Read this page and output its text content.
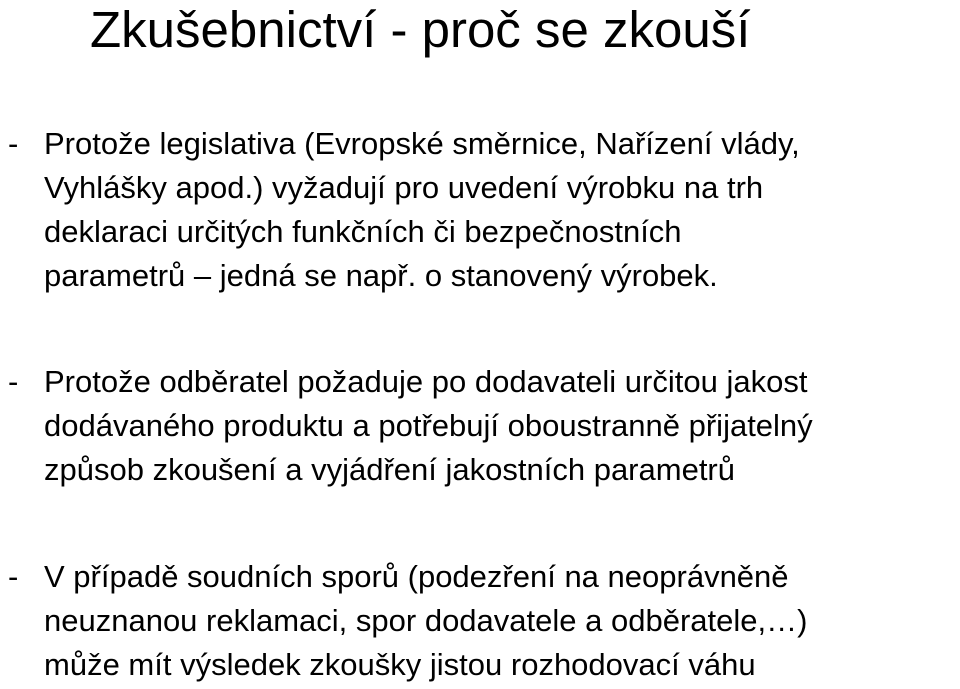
Zkušebnictví - proč se zkouší
- Protože legislativa (Evropské směrnice, Nařízení vlády,
Vyhlášky apod.) vyžadují pro uvedení výrobku na trh
deklaraci určitých funkčních či bezpečnostních
parametrů – jedná se např. o stanovený výrobek.
- Protože odběratel požaduje po dodavateli určitou jakost
dodávaného produktu a potřebují oboustranně přijatelný
způsob zkoušení a vyjádření jakostních parametrů
- V případě soudních sporů (podezření na neoprávněně
neuznanou reklamaci, spor dodavatele a odběratele,…)
může mít výsledek zkoušky jistou rozhodovací váhu
